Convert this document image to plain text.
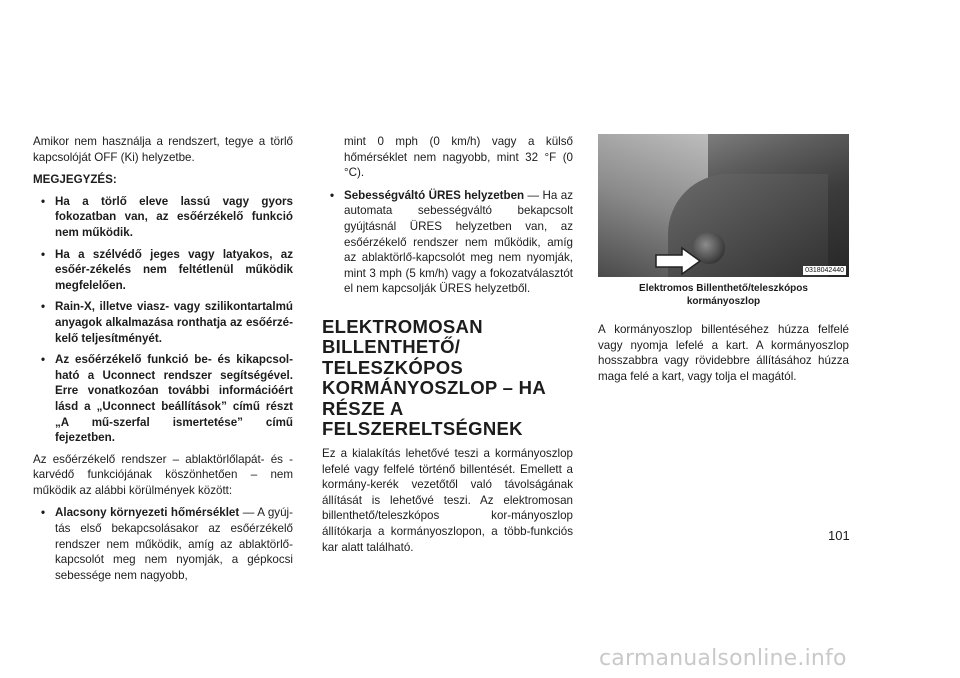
Amikor nem használja a rendszert, tegye a törlő kapcsolóját OFF (Ki) helyzetbe.

MEGJEGYZÉS:
• Ha a törlő eleve lassú vagy gyors fokozatban van, az esőérzékelő funkció nem működik.
• Ha a szélvédő jeges vagy latyakos, az esőér-zékelés nem feltétlenül működik megfelelően.
• Rain-X, illetve viasz- vagy szilikontartalmú anyagok alkalmazása ronthatja az esőérzé-kelő teljesítményét.
• Az esőérzékelő funkció be- és kikapcsol-ható a Uconnect rendszer segítségével. Erre vonatkozóan további információért lásd a „Uconnect beállítások” című részt „A mű-szerfal ismertetése” című fejezetben.

Az esőérzékelő rendszer – ablaktörlőlapát- és -karvédő funkciójának köszönhetően – nem működik az alábbi körülmények között:

• Alacsony környezeti hőmérséklet — A gyúj-tás első bekapcsolásakor az esőérzékelő rendszer nem működik, amíg az ablaktörlő-kapcsolót meg nem nyomják, a gépkocsi sebessége nem nagyobb,
mint 0 mph (0 km/h) vagy a külső hőmérséklet nem nagyobb, mint 32 °F (0 °C).
• Sebességváltó ÜRES helyzetben — Ha az automata sebességváltó bekapcsolt gyújtásnál ÜRES helyzetben van, az esőérzékelő rendszer nem működik, amíg az ablaktörlő-kapcsolót meg nem nyomják, mint 3 mph (5 km/h) vagy a fokozatválasztót el nem kapcsolják ÜRES helyzetből.
ELEKTROMOSAN
BILLENTHETŐ/
TELESZKÓPOS
KORMÁNYOSZLOP – HA
RÉSZE A FELSZERELTSÉGNEK

Ez a kialakítás lehetővé teszi a kormányoszlop lefelé vagy felfelé történő billentését. Emellett a kormány-kerék vezetőtől való távolságának állítását is lehetővé teszi. Az elektromosan billenthető/teleszkópos kor-mányoszlop állítókarja a kormányoszlopon, a több-funkciós kar alatt található.

0318042440
Elektromos Billenthető/teleszkópos
kormányoszlop

A kormányoszlop billentéséhez húzza felfelé vagy nyomja lefelé a kart. A kormányoszlop hosszabbra vagy rövidebbre állításához húzza maga felé a kart, vagy tolja el magától.

101
carmanualsonline.info
